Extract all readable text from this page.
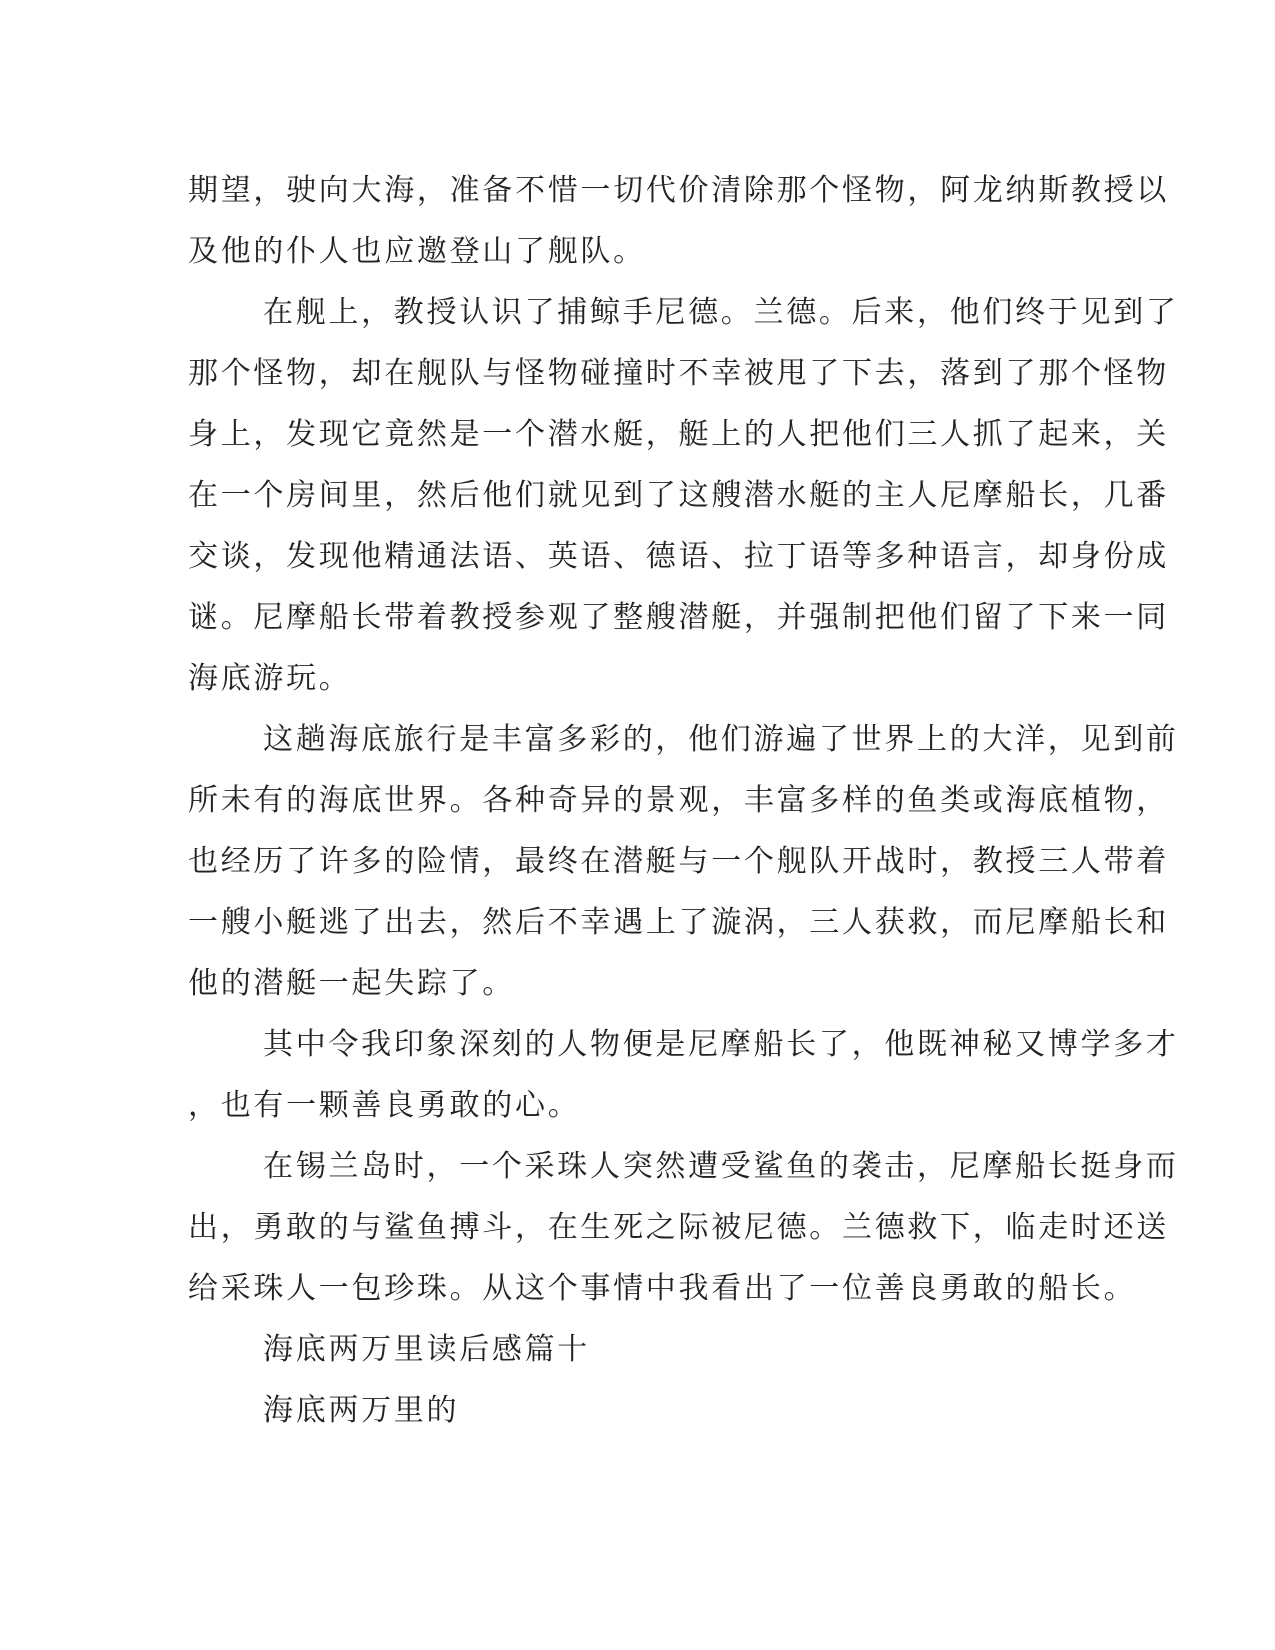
期望，驶向大海，准备不惜一切代价清除那个怪物，阿龙纳斯教授以
及他的仆人也应邀登山了舰队。
在舰上，教授认识了捕鲸手尼德。兰德。后来，他们终于见到了
那个怪物，却在舰队与怪物碰撞时不幸被甩了下去，落到了那个怪物
身上，发现它竟然是一个潜水艇，艇上的人把他们三人抓了起来，关
在一个房间里，然后他们就见到了这艘潜水艇的主人尼摩船长，几番
交谈，发现他精通法语、英语、德语、拉丁语等多种语言，却身份成
谜。尼摩船长带着教授参观了整艘潜艇，并强制把他们留了下来一同
海底游玩。
这趟海底旅行是丰富多彩的，他们游遍了世界上的大洋，见到前
所未有的海底世界。各种奇异的景观，丰富多样的鱼类或海底植物，
也经历了许多的险情，最终在潜艇与一个舰队开战时，教授三人带着
一艘小艇逃了出去，然后不幸遇上了漩涡，三人获救，而尼摩船长和
他的潜艇一起失踪了。
其中令我印象深刻的人物便是尼摩船长了，他既神秘又博学多才
，也有一颗善良勇敢的心。
在锡兰岛时，一个采珠人突然遭受鲨鱼的袭击，尼摩船长挺身而
出，勇敢的与鲨鱼搏斗，在生死之际被尼德。兰德救下，临走时还送
给采珠人一包珍珠。从这个事情中我看出了一位善良勇敢的船长。
海底两万里读后感篇十
海底两万里的
